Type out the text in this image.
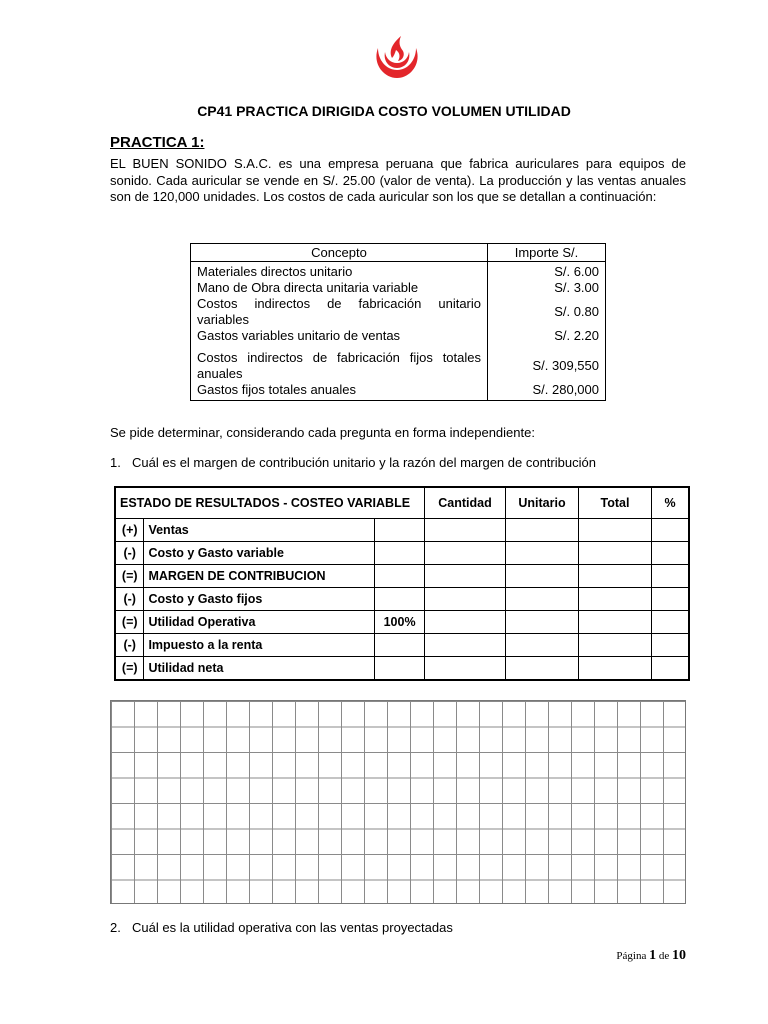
CP41 PRACTICA DIRIGIDA COSTO VOLUMEN UTILIDAD
PRACTICA 1:
EL BUEN SONIDO S.A.C. es una empresa peruana que fabrica auriculares para equipos de sonido. Cada auricular se vende en S/. 25.00 (valor de venta). La producción y las ventas anuales son de 120,000 unidades. Los costos de cada auricular son los que se detallan a continuación:
Concepto	Importe S/.
Materiales directos unitario	S/. 6.00
Mano de Obra directa unitaria variable	S/. 3.00
Costos indirectos de fabricación unitario variables	S/. 0.80
Gastos variables unitario de ventas	S/. 2.20
Costos indirectos de fabricación fijos totales anuales	S/. 309,550
Gastos fijos totales anuales	S/. 280,000
Se pide determinar, considerando cada pregunta en forma independiente:
1. Cuál es el margen de contribución unitario y la razón del margen de contribución
ESTADO DE RESULTADOS - COSTEO VARIABLE			Cantidad	Unitario	Total	%
(+)	Ventas					
(-)	Costo y Gasto variable					
(=)	MARGEN DE CONTRIBUCION					
(-)	Costo y Gasto fijos					
(=)	Utilidad Operativa	100%				
(-)	Impuesto a la renta					
(=)	Utilidad neta					
2. Cuál es la utilidad operativa con las ventas proyectadas
Página 1 de 10
